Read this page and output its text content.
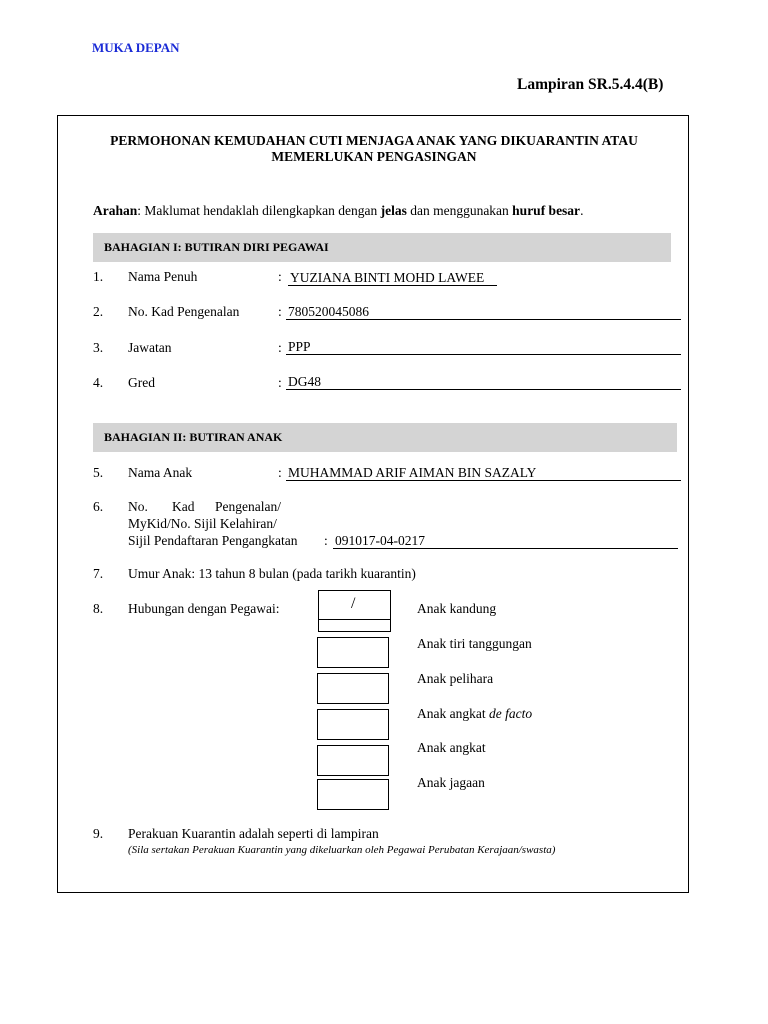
MUKA DEPAN
Lampiran SR.5.4.4(B)
PERMOHONAN KEMUDAHAN CUTI MENJAGA ANAK YANG DIKUARANTIN ATAU
MEMERLUKAN PENGASINGAN
Arahan: Maklumat hendaklah dilengkapkan dengan jelas dan menggunakan huruf besar.
BAHAGIAN I: BUTIRAN DIRI PEGAWAI
1. Nama Penuh	: YUZIANA BINTI MOHD LAWEE
2. No. Kad Pengenalan	: 780520045086
3. Jawatan	: PPP
4. Gred	: DG48
BAHAGIAN II: BUTIRAN ANAK
5. Nama Anak	: MUHAMMAD ARIF AIMAN BIN SAZALY
6. No. Kad Pengenalan/
MyKid/No. Sijil Kelahiran/
Sijil Pendaftaran Pengangkatan : 091017-04-0217
7. Umur Anak: 13 tahun 8 bulan (pada tarikh kuarantin)
8. Hubungan dengan Pegawai:	/	Anak kandung
Anak tiri tanggungan
Anak pelihara
Anak angkat de facto
Anak angkat
Anak jagaan
9. Perakuan Kuarantin adalah seperti di lampiran
(Sila sertakan Perakuan Kuarantin yang dikeluarkan oleh Pegawai Perubatan Kerajaan/swasta)
